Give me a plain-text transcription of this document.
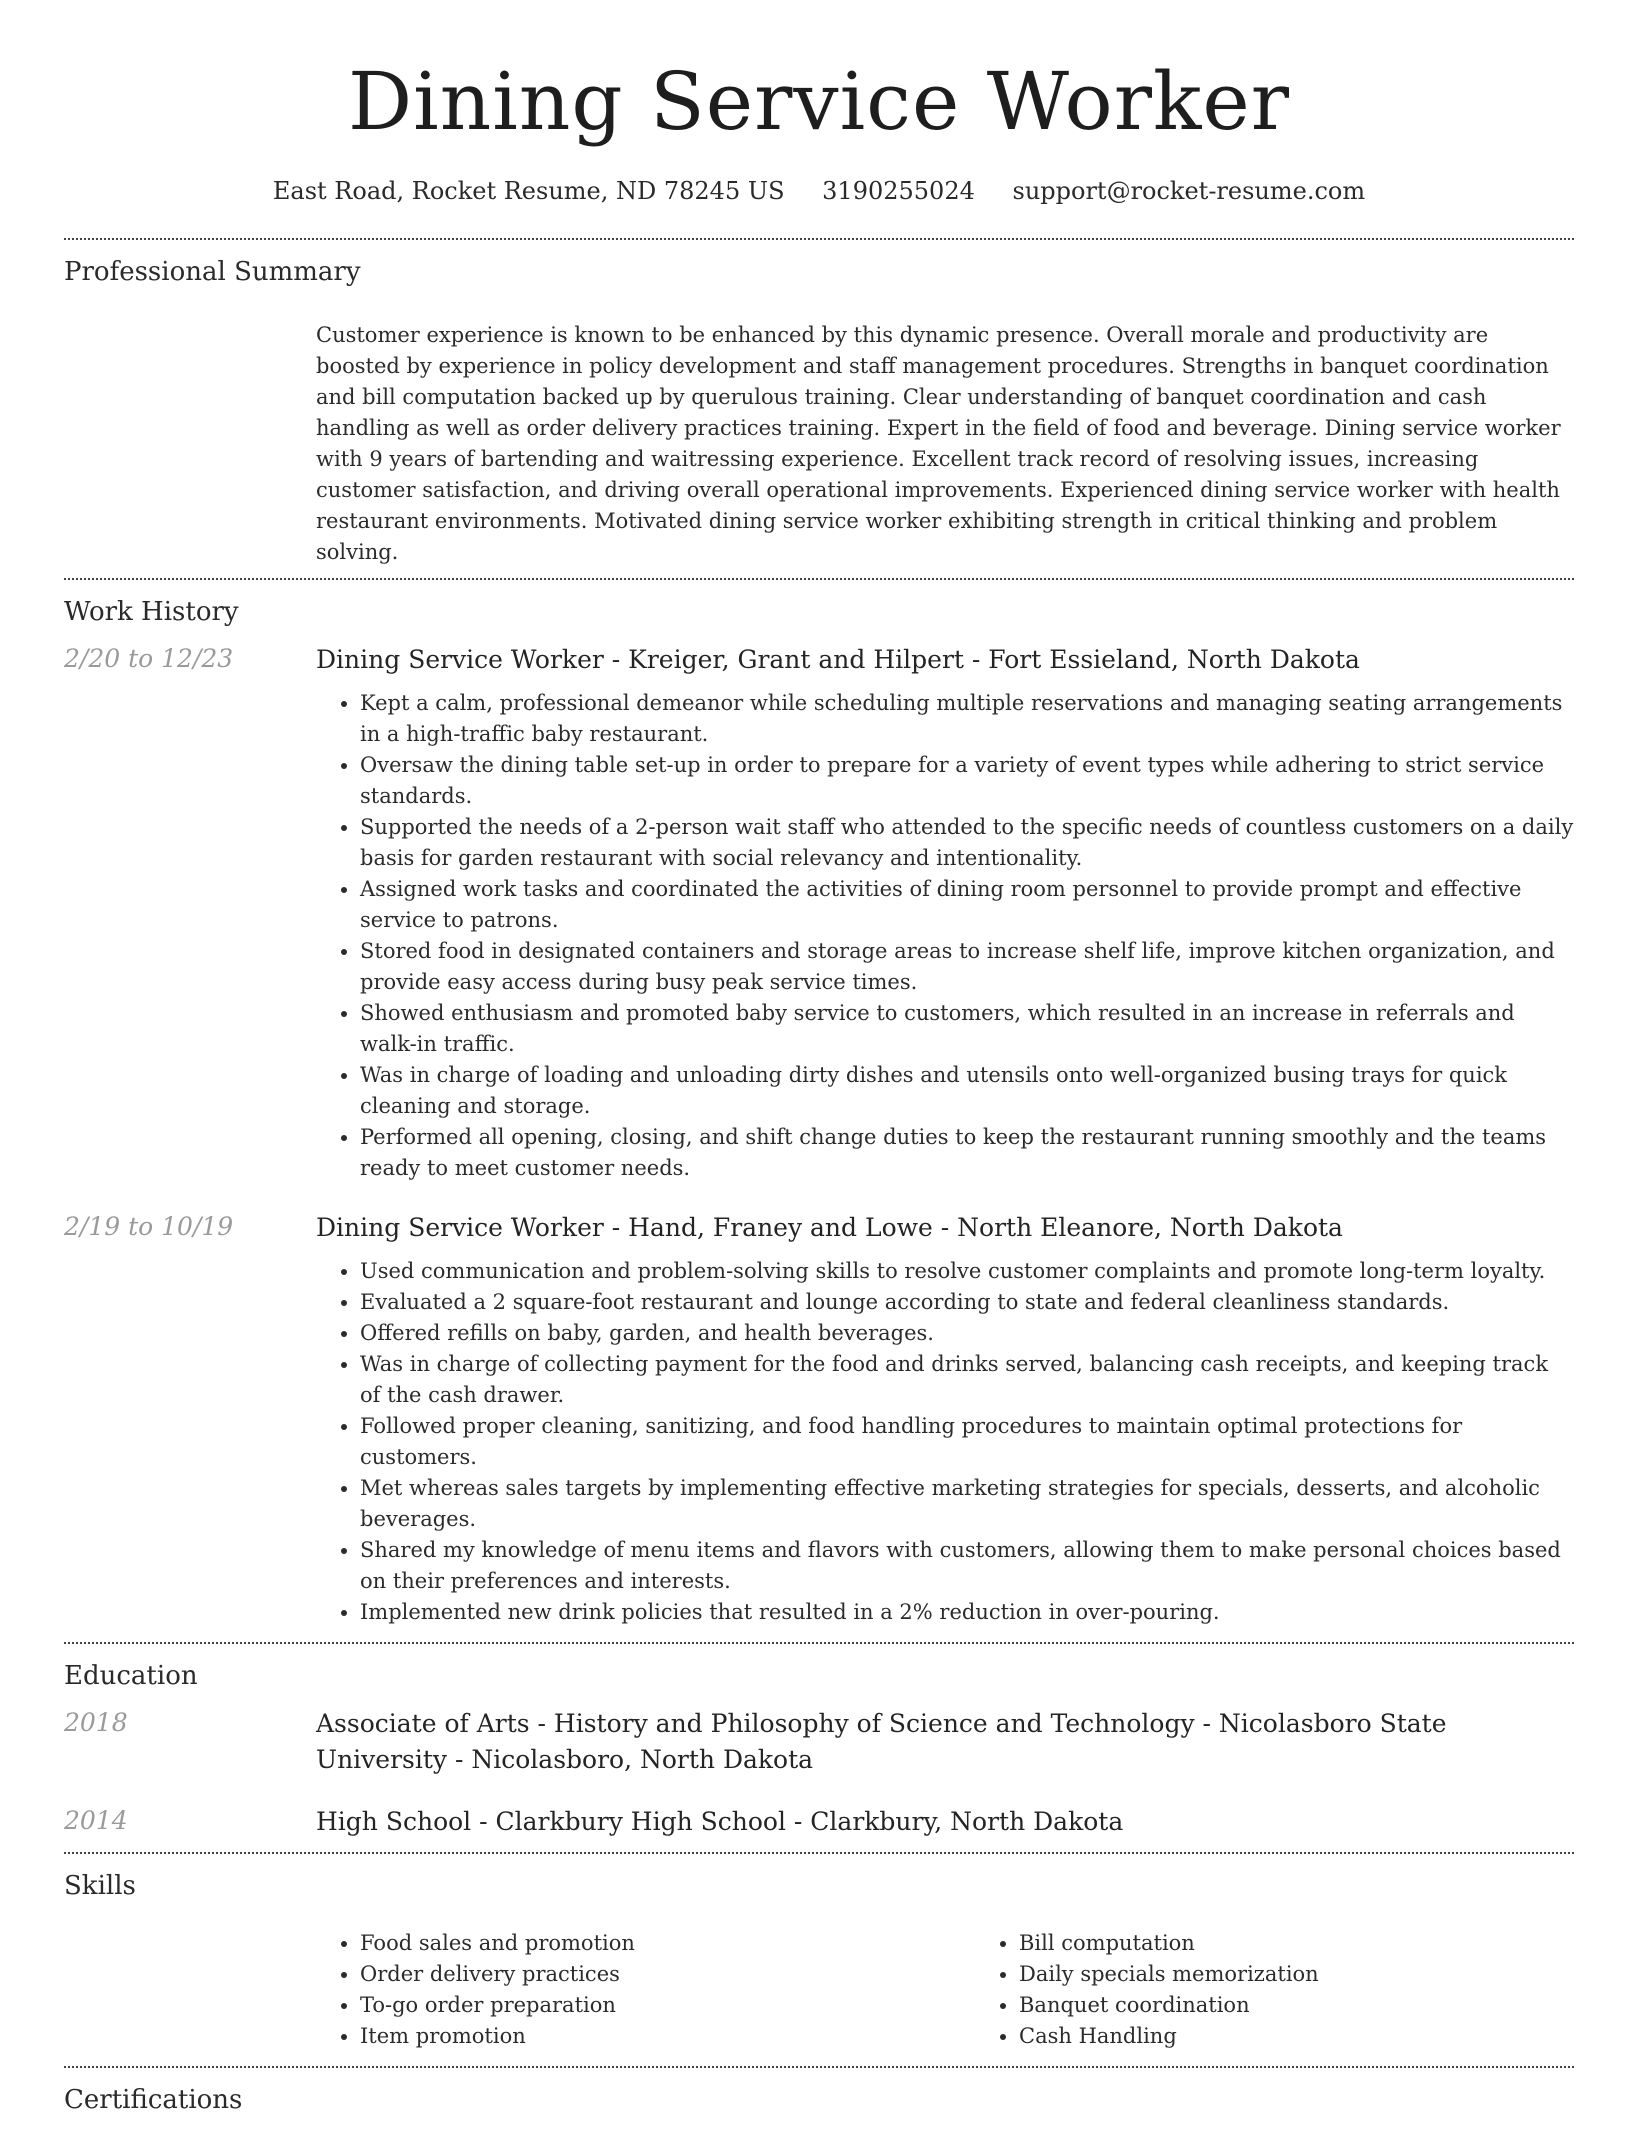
Dining Service Worker
East Road, Rocket Resume, ND 78245 US 3190255024 support@rocket-resume.com
Professional Summary
Customer experience is known to be enhanced by this dynamic presence. Overall morale and productivity are boosted by experience in policy development and staff management procedures. Strengths in banquet coordination and bill computation backed up by querulous training. Clear understanding of banquet coordination and cash handling as well as order delivery practices training. Expert in the field of food and beverage. Dining service worker with 9 years of bartending and waitressing experience. Excellent track record of resolving issues, increasing customer satisfaction, and driving overall operational improvements. Experienced dining service worker with health restaurant environments. Motivated dining service worker exhibiting strength in critical thinking and problem solving.
Work History
2/20 to 12/23	Dining Service Worker - Kreiger, Grant and Hilpert - Fort Essieland, North Dakota
• Kept a calm, professional demeanor while scheduling multiple reservations and managing seating arrangements in a high-traffic baby restaurant.
• Oversaw the dining table set-up in order to prepare for a variety of event types while adhering to strict service standards.
• Supported the needs of a 2-person wait staff who attended to the specific needs of countless customers on a daily basis for garden restaurant with social relevancy and intentionality.
• Assigned work tasks and coordinated the activities of dining room personnel to provide prompt and effective service to patrons.
• Stored food in designated containers and storage areas to increase shelf life, improve kitchen organization, and provide easy access during busy peak service times.
• Showed enthusiasm and promoted baby service to customers, which resulted in an increase in referrals and walk-in traffic.
• Was in charge of loading and unloading dirty dishes and utensils onto well-organized busing trays for quick cleaning and storage.
• Performed all opening, closing, and shift change duties to keep the restaurant running smoothly and the teams ready to meet customer needs.
2/19 to 10/19	Dining Service Worker - Hand, Franey and Lowe - North Eleanore, North Dakota
• Used communication and problem-solving skills to resolve customer complaints and promote long-term loyalty.
• Evaluated a 2 square-foot restaurant and lounge according to state and federal cleanliness standards.
• Offered refills on baby, garden, and health beverages.
• Was in charge of collecting payment for the food and drinks served, balancing cash receipts, and keeping track of the cash drawer.
• Followed proper cleaning, sanitizing, and food handling procedures to maintain optimal protections for customers.
• Met whereas sales targets by implementing effective marketing strategies for specials, desserts, and alcoholic beverages.
• Shared my knowledge of menu items and flavors with customers, allowing them to make personal choices based on their preferences and interests.
• Implemented new drink policies that resulted in a 2% reduction in over-pouring.
Education
2018	Associate of Arts - History and Philosophy of Science and Technology - Nicolasboro State University - Nicolasboro, North Dakota
2014	High School - Clarkbury High School - Clarkbury, North Dakota
Skills
• Food sales and promotion
• Order delivery practices
• To-go order preparation
• Item promotion
• Bill computation
• Daily specials memorization
• Banquet coordination
• Cash Handling
Certifications
